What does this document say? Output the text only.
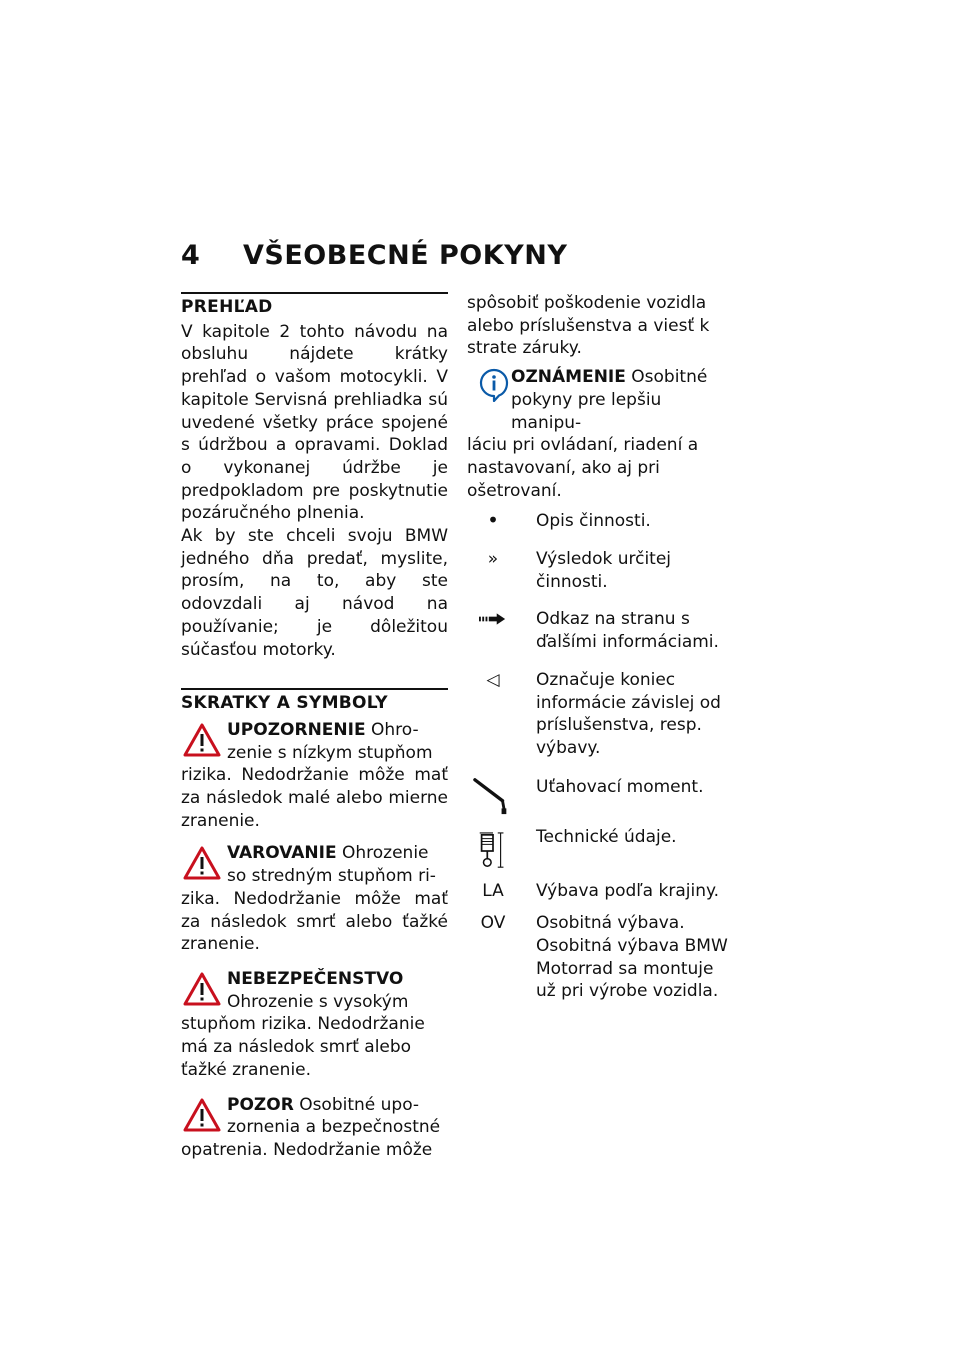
4 VŠEOBECNÉ POKYNY
PREHĽAD

V kapitole 2 tohto návodu na obsluhu nájdete krátky prehľad o vašom motocykli. V kapitole Servisná prehliadka sú uvedené všetky práce spojené s údržbou a opravami. Doklad o vykonanej údržbe je predpokladom pre poskytnutie pozáručného plnenia.

Ak by ste chceli svoju BMW jedného dňa predať, myslite, prosím, na to, aby ste odovzdali aj návod na používanie; je dôležitou súčasťou motorky.

SKRATKY A SYMBOLY
UPOZORNENIE Ohro-
zenie s nízkym stupňom
rizika. Nedodržanie môže mať za následok malé alebo mierne zranenie.
VAROVANIE Ohrozenie
so stredným stupňom ri-
zika. Nedodržanie môže mať za následok smrť alebo ťažké zranenie.
NEBEZPEČENSTVO
Ohrozenie s vysokým
stupňom rizika. Nedodržanie má za následok smrť alebo ťažké zranenie.
POZOR Osobitné upo-
zornenia a bezpečnostné
opatrenia. Nedodržanie môže

spôsobiť poškodenie vozidla alebo príslušenstva a viesť k strate záruky.

OZNÁMENIE Osobitné
pokyny pre lepšiu manipu-
láciu pri ovládaní, riadení a nastavovaní, ako aj pri ošetrovaní.
•	Opis činnosti.
»	Výsledok určitej činnosti.
Odkaz na stranu s ďalšími informáciami.
◁	Označuje koniec informácie závislej od príslušenstva, resp. výbavy.
Uťahovací moment.
Technické údaje.
LA	Výbava podľa krajiny.
OV	Osobitná výbava. Osobitná výbava BMW Motorrad sa montuje už pri výrobe vozidla.
